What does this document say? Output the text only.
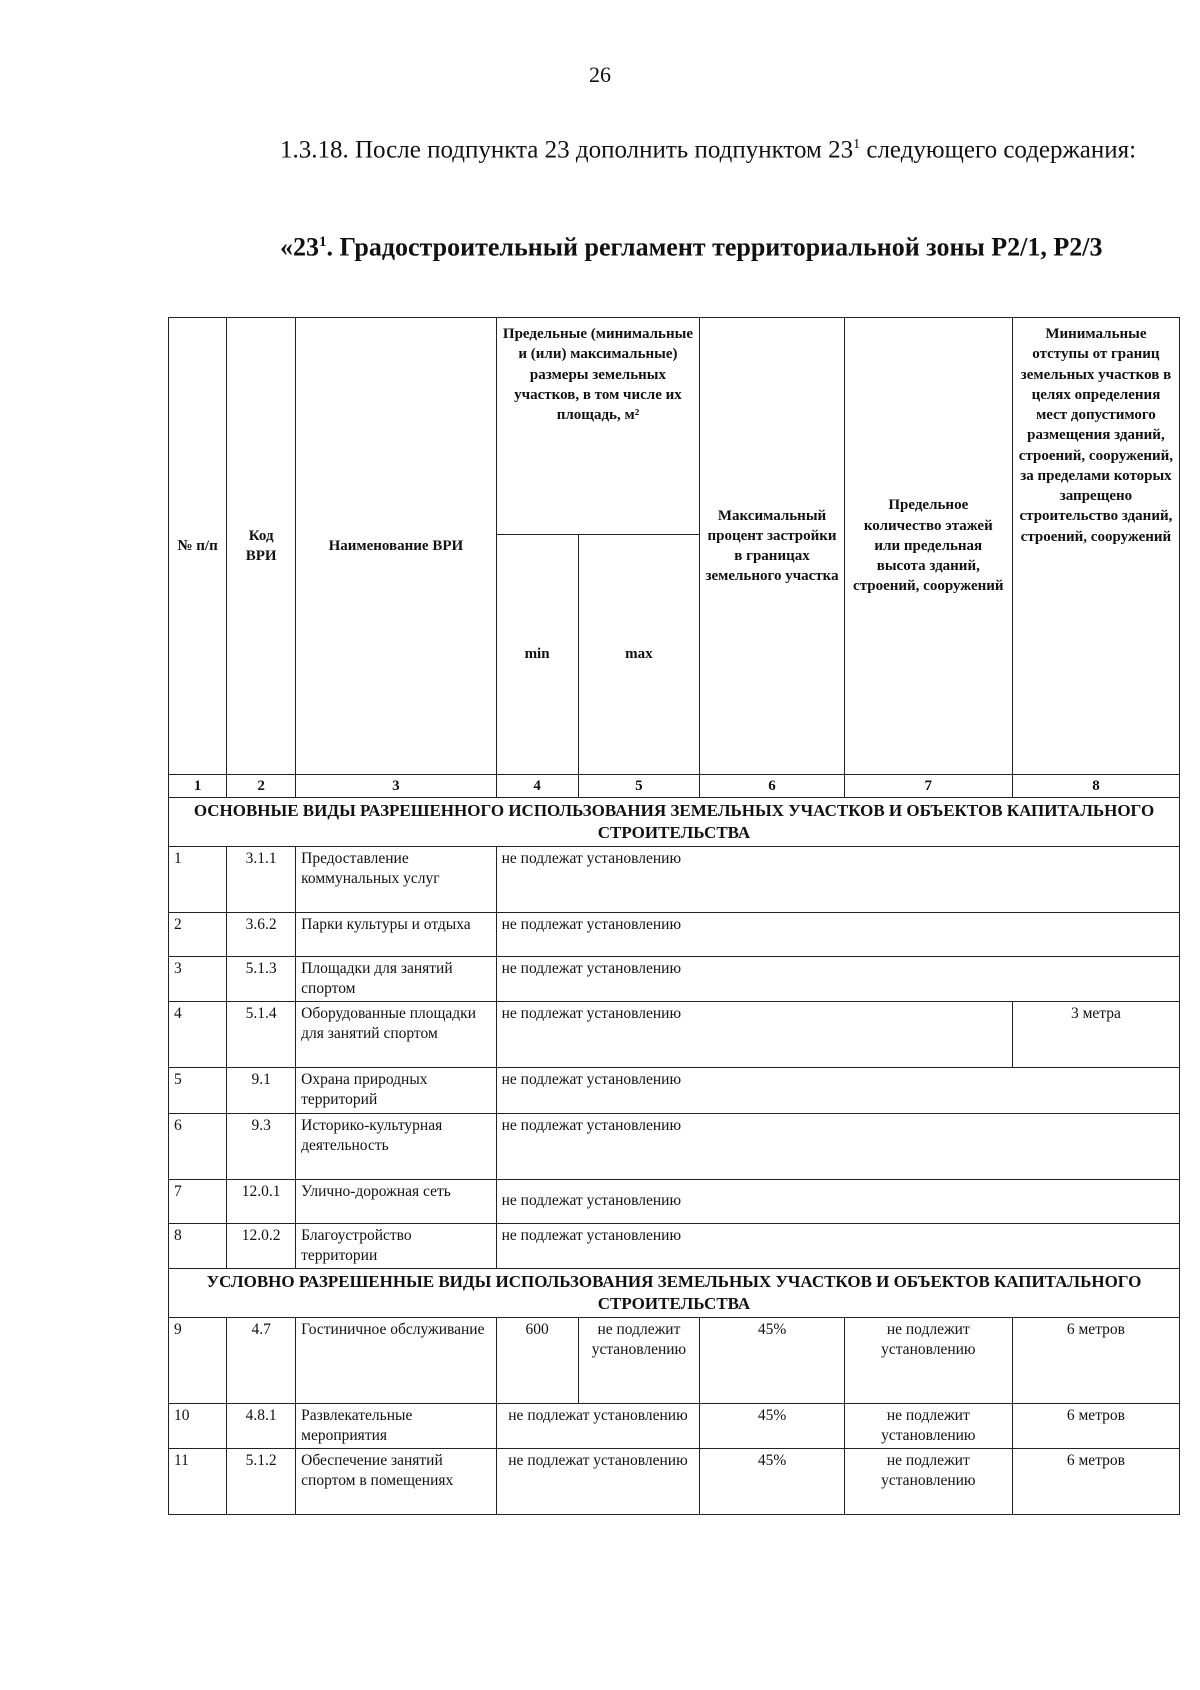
26
1.3.18. После подпункта 23 дополнить подпунктом $23^1$ следующего содержания:
«$23^1$. Градостроительный регламент территориальной зоны Р2/1, Р2/3
№ п/п	Код ВРИ	Наименование ВРИ	Предельные (минимальные и (или) максимальные) размеры земельных участков, в том числе их площадь, м²		Максимальный процент застройки в границах земельного участка	Предельное количество этажей или предельная высота зданий, строений, сооружений	Минимальные отступы от границ земельных участков в целях определения мест допустимого размещения зданий, строений, сооружений, за пределами которых запрещено строительство зданий, строений, сооружений
			min	max			
1	2	3	4	5	6	7	8
ОСНОВНЫЕ ВИДЫ РАЗРЕШЕННОГО ИСПОЛЬЗОВАНИЯ ЗЕМЕЛЬНЫХ УЧАСТКОВ И ОБЪЕКТОВ КАПИТАЛЬНОГО СТРОИТЕЛЬСТВА							
1	3.1.1	Предоставление коммунальных услуг	не подлежат установлению				
2	3.6.2	Парки культуры и отдыха	не подлежат установлению				
3	5.1.3	Площадки для занятий спортом	не подлежат установлению				
4	5.1.4	Оборудованные площадки для занятий спортом	не подлежат установлению				3 метра
5	9.1	Охрана природных территорий	не подлежат установлению				
6	9.3	Историко-культурная деятельность	не подлежат установлению				
7	12.0.1	Улично-дорожная сеть	не подлежат установлению				
8	12.0.2	Благоустройство территории	не подлежат установлению				
УСЛОВНО РАЗРЕШЕННЫЕ ВИДЫ ИСПОЛЬЗОВАНИЯ ЗЕМЕЛЬНЫХ УЧАСТКОВ И ОБЪЕКТОВ КАПИТАЛЬНОГО СТРОИТЕЛЬСТВА							
9	4.7	Гостиничное обслуживание	600	не подлежит установлению	45%	не подлежит установлению	6 метров
10	4.8.1	Развлекательные мероприятия	не подлежат установлению		45%	не подлежит установлению	6 метров
11	5.1.2	Обеспечение занятий спортом в помещениях	не подлежат установлению		45%	не подлежит установлению	6 метров
